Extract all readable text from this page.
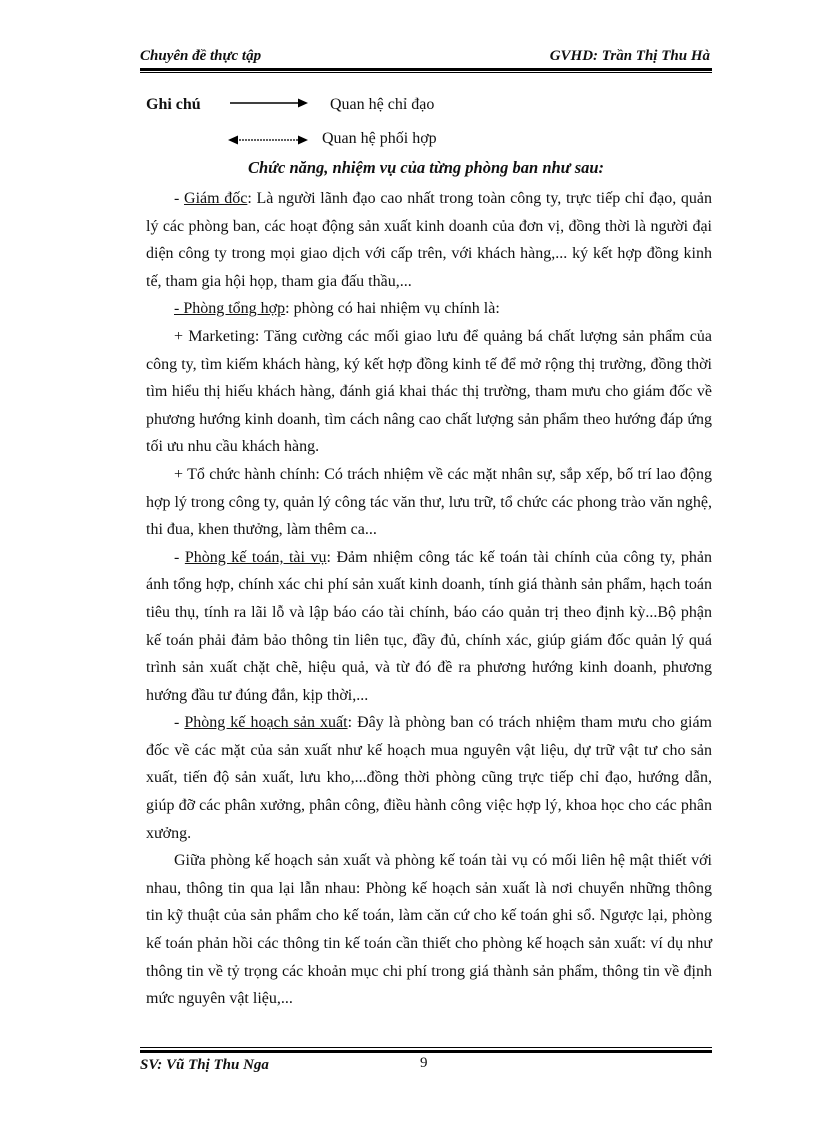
Chuyên đề thực tập	GVHD: Trần Thị Thu Hà
Ghi chú	Quan hệ chỉ đạo
Quan hệ phối hợp
Chức năng, nhiệm vụ của từng phòng ban như sau:

- Giám đốc: Là người lãnh đạo cao nhất trong toàn công ty, trực tiếp chỉ đạo, quản lý các phòng ban, các hoạt động sản xuất kinh doanh của đơn vị, đồng thời là người đại diện công ty trong mọi giao dịch với cấp trên, với khách hàng,... ký kết hợp đồng kinh tế, tham gia hội họp, tham gia đấu thầu,...

- Phòng tổng hợp: phòng có hai nhiệm vụ chính là:

+ Marketing: Tăng cường các mối giao lưu để quảng bá chất lượng sản phẩm của công ty, tìm kiếm khách hàng, ký kết hợp đồng kinh tế để mở rộng thị trường, đồng thời tìm hiểu thị hiếu khách hàng, đánh giá khai thác thị trường, tham mưu cho giám đốc về phương hướng kinh doanh, tìm cách nâng cao chất lượng sản phẩm theo hướng đáp ứng tối ưu nhu cầu khách hàng.

+ Tổ chức hành chính: Có trách nhiệm về các mặt nhân sự, sắp xếp, bố trí lao động hợp lý trong công ty, quản lý công tác văn thư, lưu trữ, tổ chức các phong trào văn nghệ, thi đua, khen thưởng, làm thêm ca...

- Phòng kế toán, tài vụ: Đảm nhiệm công tác kế toán tài chính của công ty, phản ánh tổng hợp, chính xác chi phí sản xuất kinh doanh, tính giá thành sản phẩm, hạch toán tiêu thụ, tính ra lãi lỗ và lập báo cáo tài chính, báo cáo quản trị theo định kỳ...Bộ phận kế toán phải đảm bảo thông tin liên tục, đầy đủ, chính xác, giúp giám đốc quản lý quá trình sản xuất chặt chẽ, hiệu quả, và từ đó đề ra phương hướng kinh doanh, phương hướng đầu tư đúng đắn, kịp thời,...

- Phòng kế hoạch sản xuất: Đây là phòng ban có trách nhiệm tham mưu cho giám đốc về các mặt của sản xuất như kế hoạch mua nguyên vật liệu, dự trữ vật tư cho sản xuất, tiến độ sản xuất, lưu kho,...đồng thời phòng cũng trực tiếp chỉ đạo, hướng dẫn, giúp đỡ các phân xưởng, phân công, điều hành công việc hợp lý, khoa học cho các phân xưởng.

Giữa phòng kế hoạch sản xuất và phòng kế toán tài vụ có mối liên hệ mật thiết với nhau, thông tin qua lại lẫn nhau: Phòng kế hoạch sản xuất là nơi chuyển những thông tin kỹ thuật của sản phẩm cho kế toán, làm căn cứ cho kế toán ghi sổ. Ngược lại, phòng kế toán phản hồi các thông tin kế toán cần thiết cho phòng kế hoạch sản xuất: ví dụ như thông tin về tỷ trọng các khoản mục chi phí trong giá thành sản phẩm, thông tin về định mức nguyên vật liệu,...

SV: Vũ Thị Thu Nga	9
